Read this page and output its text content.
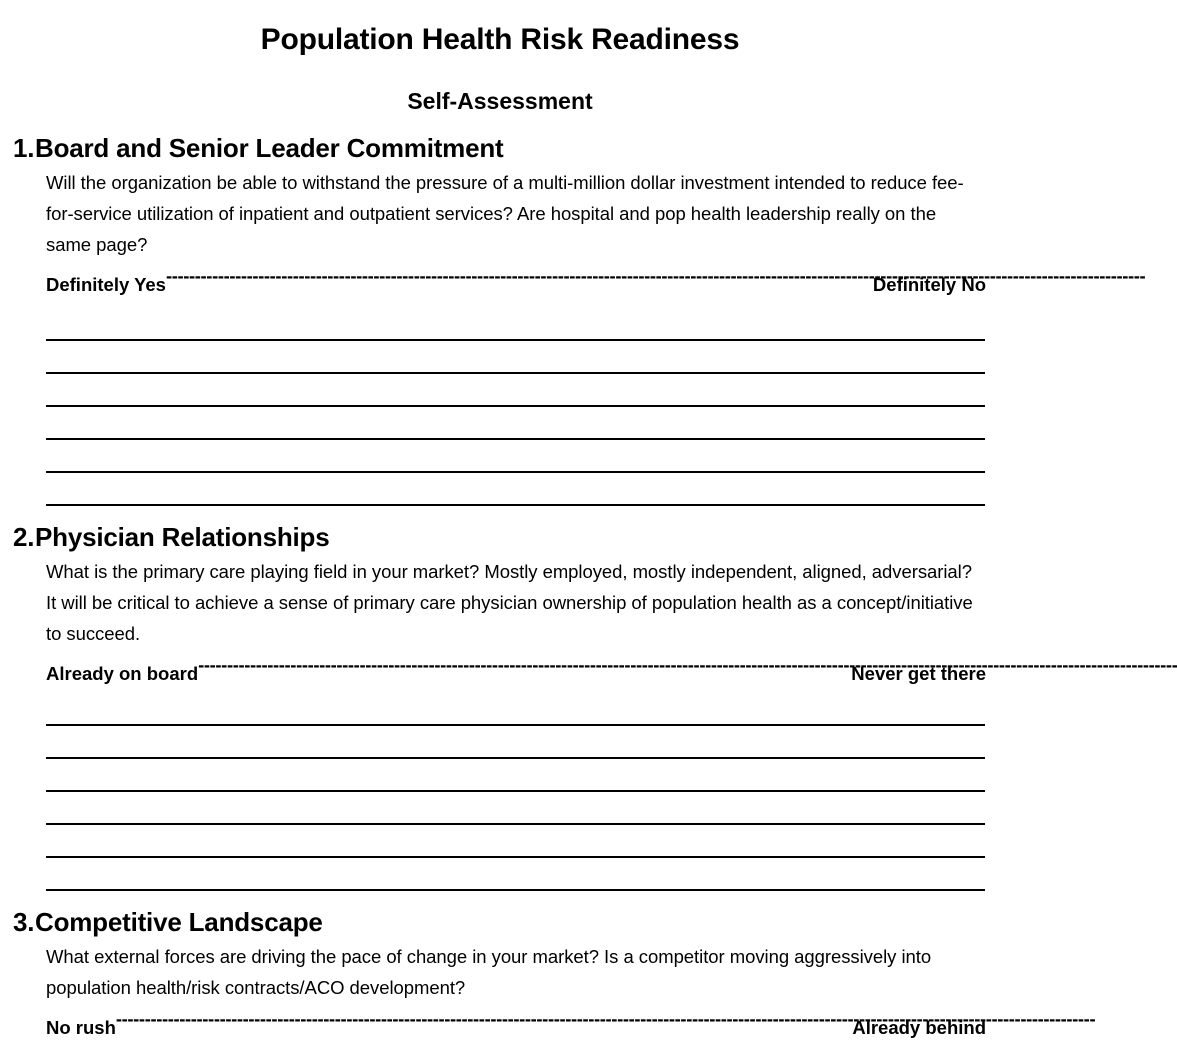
Population Health Risk Readiness
Self-Assessment
1. Board and Senior Leader Commitment

Will the organization be able to withstand the pressure of a multi-million dollar investment intended to reduce fee-for-service utilization of inpatient and outpatient services? Are hospital and pop health leadership really on the same page?

Definitely Yes -----	Definitely No
2. Physician Relationships

What is the primary care playing field in your market? Mostly employed, mostly independent, aligned, adversarial? It will be critical to achieve a sense of primary care physician ownership of population health as a concept/initiative to succeed.

Already on board -----	Never get there
3. Competitive Landscape

What external forces are driving the pace of change in your market? Is a competitor moving aggressively into population health/risk contracts/ACO development?

No rush -----	Already behind
